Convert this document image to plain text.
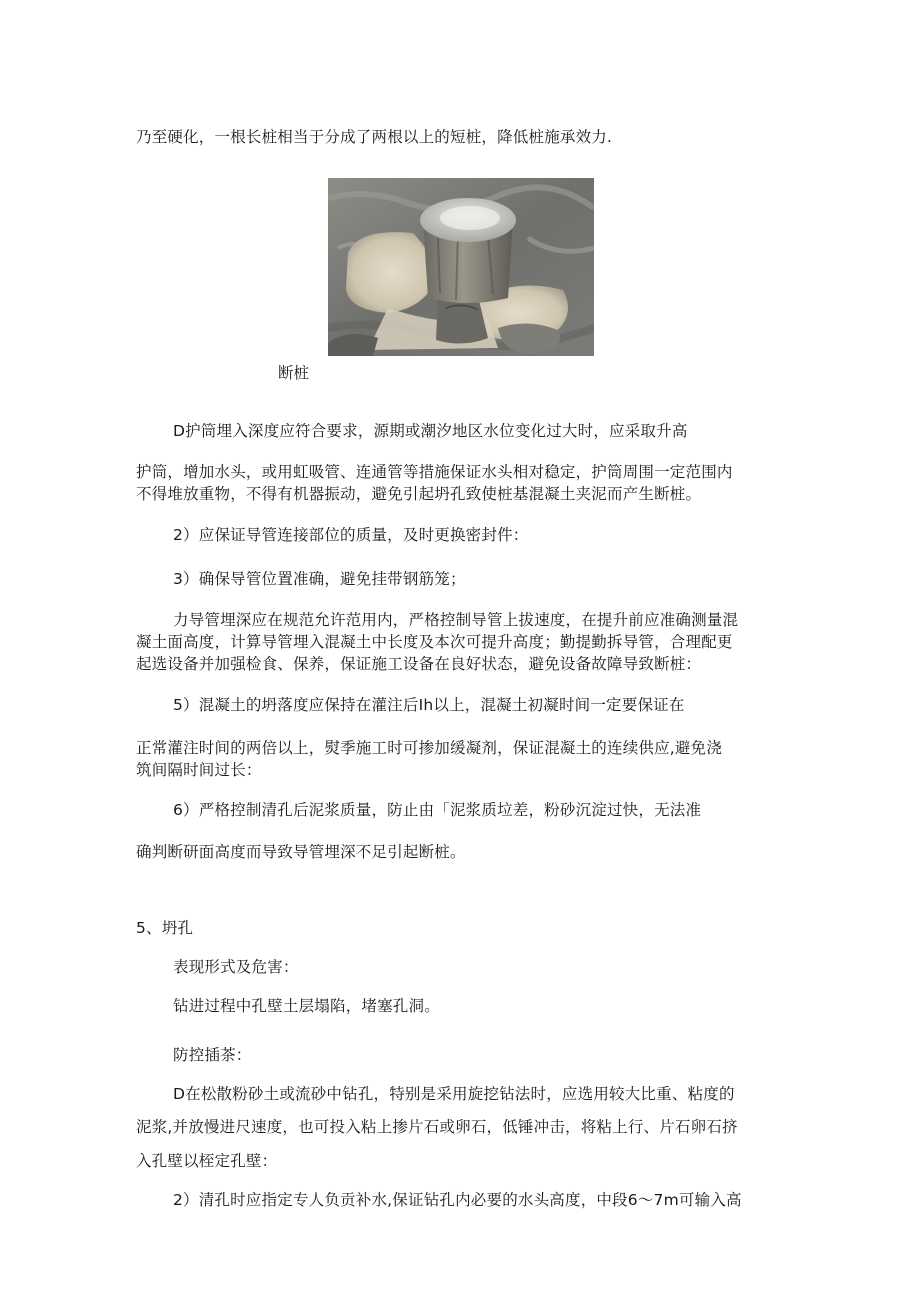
乃至硬化，一根长桩相当于分成了两根以上的短桩，降低桩施承效力.
断桩
D护筒埋入深度应符合要求，源期或潮汐地区水位变化过大时，应采取升高
护筒，增加水头，或用虹吸管、连通管等措施保证水头相对稳定，护筒周围一定范围内
不得堆放重物，不得有机器振动，避免引起坍孔致使桩基混凝土夹泥而产生断桩。
2）应保证导管连接部位的质量，及时更换密封件：
3）确保导管位置准确，避免挂带钢筋笼；
力导管埋深应在规范允许范用内，严格控制导管上拔速度，在提升前应准确测量混
凝土面高度，计算导管埋入混凝土中长度及本次可提升高度；勤提勤拆导管，合理配更
起选设备并加强检食、保养，保证施工设备在良好状态，避免设备故障导致断桩：
5）混凝土的坍落度应保持在灌注后Ih以上，混凝土初凝时间一定要保证在
正常灌注时间的两倍以上，熨季施工时可掺加缓凝剂，保证混凝土的连续供应,避免浇
筑间隔时间过长：
6）严格控制清孔后泥浆质量，防止由「泥浆质垃差，粉砂沉淀过快，无法准
确判断研面高度而导致导管埋深不足引起断桩。
5、坍孔
表现形式及危害：
钻进过程中孔壁土层塌陷，堵塞孔洞。
防控插茶：
D在松散粉砂土或流砂中钻孔，特别是采用旋挖钻法时，应选用较大比重、粘度的
泥浆,并放慢进尺速度，也可投入粘上掺片石或卵石，低锤冲击，将粘上行、片石卵石挤
入孔壁以桎定孔壁：
2）清孔时应指定专人负贡补水,保证钻孔内必要的水头高度，中段6〜7m可输入高
